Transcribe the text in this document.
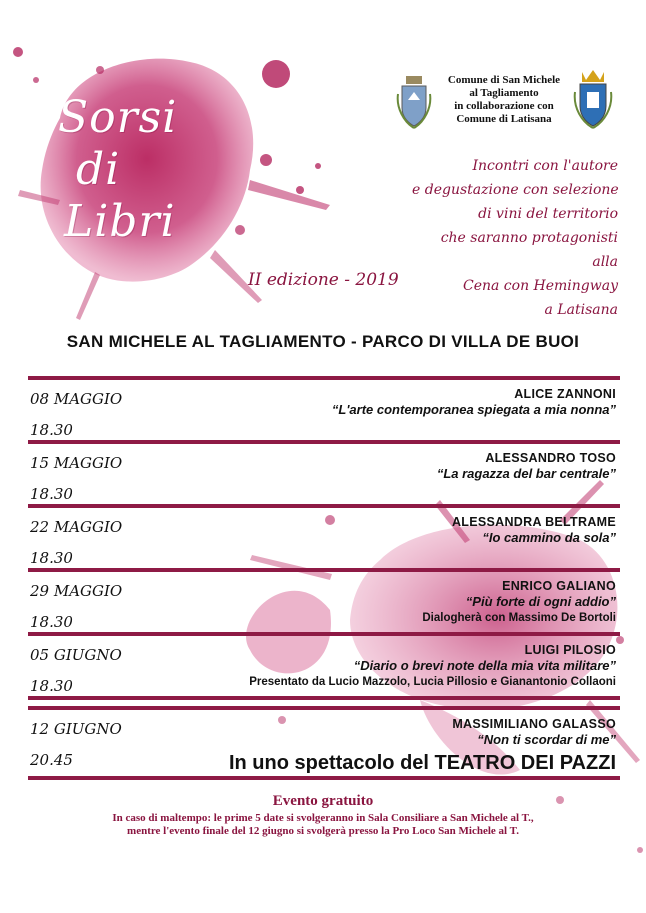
Sorsi
di
Libri
II edizione - 2019
Comune di San Michele
al Tagliamento
in collaborazione con
Comune di Latisana
Incontri con l'autore
e degustazione con selezione
di vini del territorio
che saranno protagonisti
alla
Cena con Hemingway
a Latisana
SAN MICHELE AL TAGLIAMENTO - PARCO DI VILLA DE BUOI
08 MAGGIO
18.30
ALICE ZANNONI
“L'arte contemporanea spiegata a mia nonna”
15 MAGGIO
18.30
ALESSANDRO TOSO
“La ragazza del bar centrale”
22 MAGGIO
18.30
ALESSANDRA BELTRAME
“Io cammino da sola”
29 MAGGIO
18.30
ENRICO GALIANO
“Più forte di ogni addio”
Dialogherà con Massimo De Bortoli
05 GIUGNO
18.30
LUIGI PILOSIO
“Diario o brevi note della mia vita militare”
Presentato da Lucio Mazzolo, Lucia Pillosio e Gianantonio Collaoni
12 GIUGNO
20.45
MASSIMILIANO GALASSO
“Non ti scordar di me”
In uno spettacolo del TEATRO DEI PAZZI
Evento gratuito
In caso di maltempo: le prime 5 date si svolgeranno in Sala Consiliare a San Michele al T.,
mentre l'evento finale del 12 giugno si svolgerà presso la Pro Loco San Michele al T.
